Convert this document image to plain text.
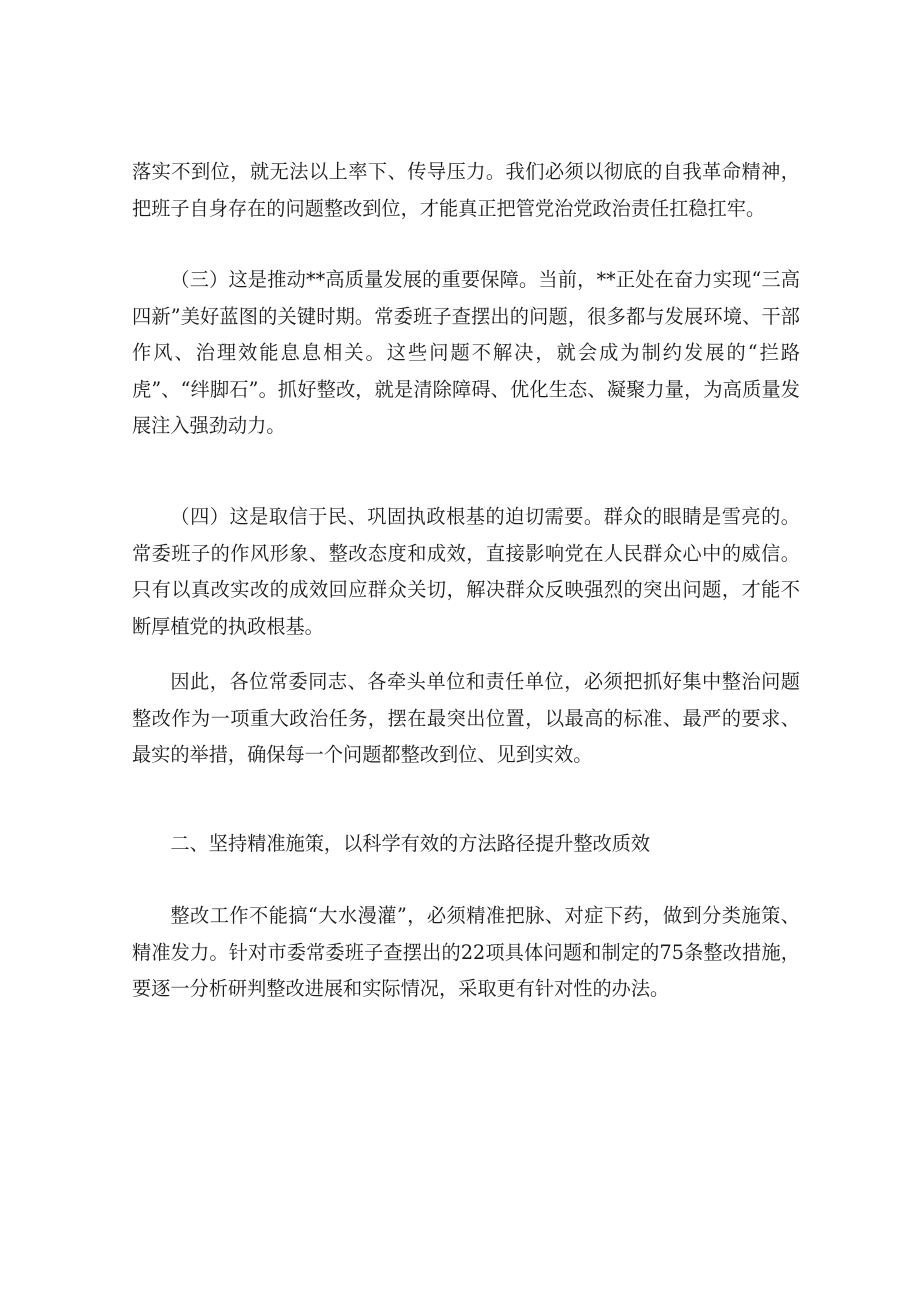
落实不到位，就无法以上率下、传导压力。我们必须以彻底的自我革命精神，把班子自身存在的问题整改到位，才能真正把管党治党政治责任扛稳扛牢。

（三）这是推动**高质量发展的重要保障。当前，**正处在奋力实现“三高四新”美好蓝图的关键时期。常委班子查摆出的问题，很多都与发展环境、干部作风、治理效能息息相关。这些问题不解决，就会成为制约发展的“拦路虎”、“绊脚石”。抓好整改，就是清除障碍、优化生态、凝聚力量，为高质量发展注入强劲动力。

（四）这是取信于民、巩固执政根基的迫切需要。群众的眼睛是雪亮的。常委班子的作风形象、整改态度和成效，直接影响党在人民群众心中的威信。只有以真改实改的成效回应群众关切，解决群众反映强烈的突出问题，才能不断厚植党的执政根基。

因此，各位常委同志、各牵头单位和责任单位，必须把抓好集中整治问题整改作为一项重大政治任务，摆在最突出位置，以最高的标准、最严的要求、最实的举措，确保每一个问题都整改到位、见到实效。

二、坚持精准施策，以科学有效的方法路径提升整改质效

整改工作不能搞“大水漫灌”，必须精准把脉、对症下药，做到分类施策、精准发力。针对市委常委班子查摆出的22项具体问题和制定的75条整改措施，要逐一分析研判整改进展和实际情况，采取更有针对性的办法。
